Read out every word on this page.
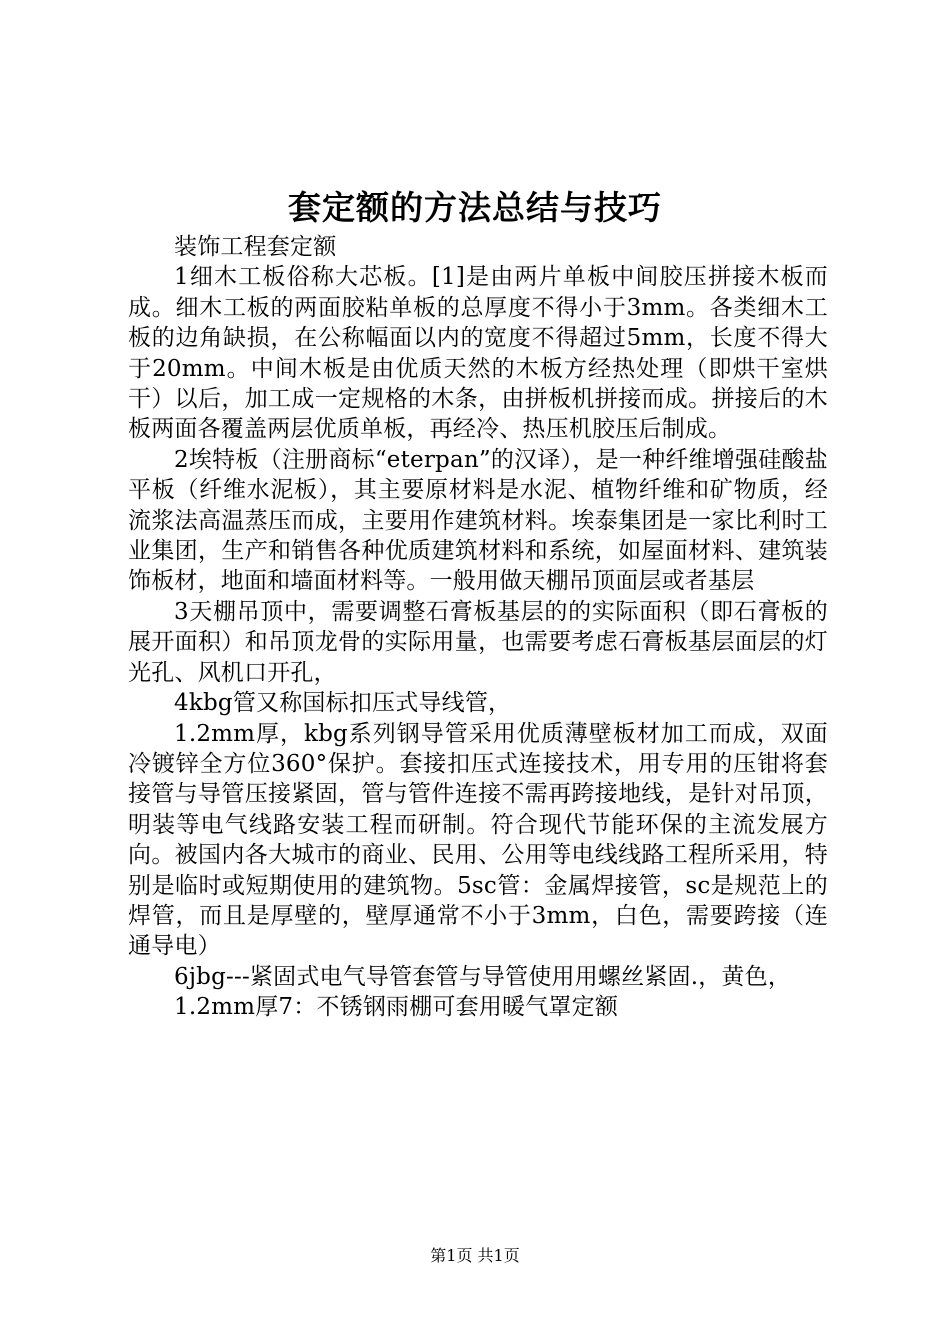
套定额的方法总结与技巧

装饰工程套定额

1细木工板俗称大芯板。[1]是由两片单板中间胶压拼接木板而成。细木工板的两面胶粘单板的总厚度不得小于3mm。各类细木工板的边角缺损，在公称幅面以内的宽度不得超过5mm，长度不得大于20mm。中间木板是由优质天然的木板方经热处理（即烘干室烘干）以后，加工成一定规格的木条，由拼板机拼接而成。拼接后的木板两面各覆盖两层优质单板，再经冷、热压机胶压后制成。

2埃特板（注册商标“eterpan”的汉译），是一种纤维增强硅酸盐平板（纤维水泥板），其主要原材料是水泥、植物纤维和矿物质，经流浆法高温蒸压而成，主要用作建筑材料。埃泰集团是一家比利时工业集团，生产和销售各种优质建筑材料和系统，如屋面材料、建筑装饰板材，地面和墙面材料等。一般用做天棚吊顶面层或者基层

3天棚吊顶中，需要调整石膏板基层的的实际面积（即石膏板的展开面积）和吊顶龙骨的实际用量，也需要考虑石膏板基层面层的灯光孔、风机口开孔，

4kbg管又称国标扣压式导线管，

1.2mm厚，kbg系列钢导管采用优质薄壁板材加工而成，双面冷镀锌全方位360°保护。套接扣压式连接技术，用专用的压钳将套接管与导管压接紧固，管与管件连接不需再跨接地线，是针对吊顶，明装等电气线路安装工程而研制。符合现代节能环保的主流发展方向。被国内各大城市的商业、民用、公用等电线线路工程所采用，特别是临时或短期使用的建筑物。5sc管：金属焊接管，sc是规范上的焊管，而且是厚壁的，壁厚通常不小于3mm，白色，需要跨接（连通导电）

6jbg---紧固式电气导管套管与导管使用用螺丝紧固.，黄色，

1.2mm厚7：不锈钢雨棚可套用暖气罩定额

第1页 共1页
